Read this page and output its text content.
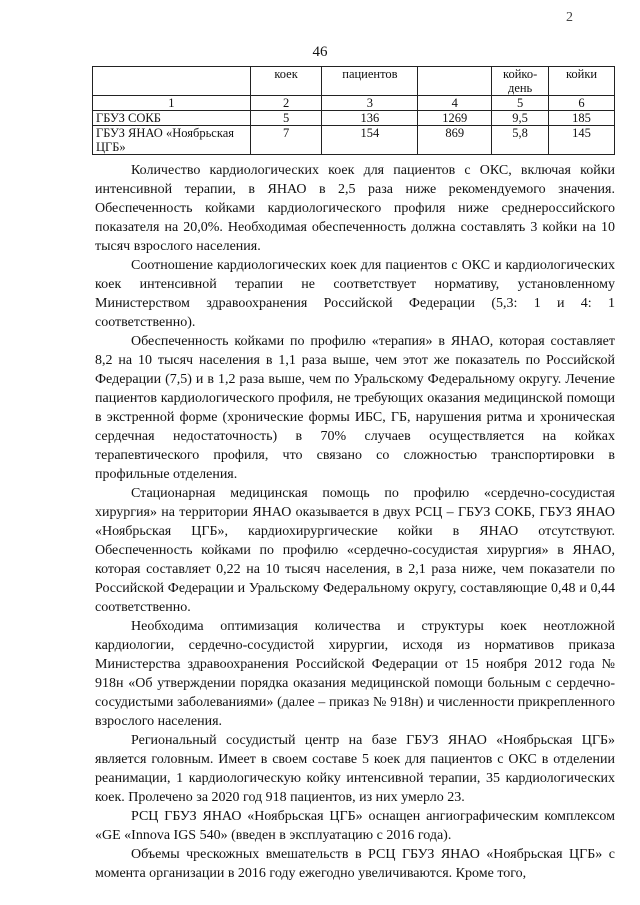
2
46
	коек	пациентов		койко-день	койки
1	2	3	4	5	6
ГБУЗ СОКБ	5	136	1269	9,5	185
ГБУЗ ЯНАО «Ноябрьская ЦГБ»	7	154	869	5,8	145

Количество кардиологических коек для пациентов с ОКС, включая койки интенсивной терапии, в ЯНАО в 2,5 раза ниже рекомендуемого значения. Обеспеченность койками кардиологического профиля ниже среднероссийского показателя на 20,0%. Необходимая обеспеченность должна составлять 3 койки на 10 тысяч взрослого населения.

Соотношение кардиологических коек для пациентов с ОКС и кардиологических коек интенсивной терапии не соответствует нормативу, установленному Министерством здравоохранения Российской Федерации (5,3: 1 и 4: 1 соответственно).

Обеспеченность койками по профилю «терапия» в ЯНАО, которая составляет 8,2 на 10 тысяч населения в 1,1 раза выше, чем этот же показатель по Российской Федерации (7,5) и в 1,2 раза выше, чем по Уральскому Федеральному округу. Лечение пациентов кардиологического профиля, не требующих оказания медицинской помощи в экстренной форме (хронические формы ИБС, ГБ, нарушения ритма и хроническая сердечная недостаточность) в 70% случаев осуществляется на койках терапевтического профиля, что связано со сложностью транспортировки в профильные отделения.

Стационарная медицинская помощь по профилю «сердечно-сосудистая хирургия» на территории ЯНАО оказывается в двух РСЦ – ГБУЗ СОКБ, ГБУЗ ЯНАО «Ноябрьская ЦГБ», кардиохирургические койки в ЯНАО отсутствуют. Обеспеченность койками по профилю «сердечно-сосудистая хирургия» в ЯНАО, которая составляет 0,22 на 10 тысяч населения, в 2,1 раза ниже, чем показатели по Российской Федерации и Уральскому Федеральному округу, составляющие 0,48 и 0,44 соответственно.

Необходима оптимизация количества и структуры коек неотложной кардиологии, сердечно-сосудистой хирургии, исходя из нормативов приказа Министерства здравоохранения Российской Федерации от 15 ноября 2012 года № 918н «Об утверждении порядка оказания медицинской помощи больным с сердечно-сосудистыми заболеваниями» (далее – приказ № 918н) и численности прикрепленного взрослого населения.

Региональный сосудистый центр на базе ГБУЗ ЯНАО «Ноябрьская ЦГБ» является головным. Имеет в своем составе 5 коек для пациентов с ОКС в отделении реанимации, 1 кардиологическую койку интенсивной терапии, 35 кардиологических коек. Пролечено за 2020 год 918 пациентов, из них умерло 23.

РСЦ ГБУЗ ЯНАО «Ноябрьская ЦГБ» оснащен ангиографическим комплексом «GE «Innova IGS 540» (введен в эксплуатацию с 2016 года).

Объемы чрескожных вмешательств в РСЦ ГБУЗ ЯНАО «Ноябрьская ЦГБ» с момента организации в 2016 году ежегодно увеличиваются. Кроме того,
